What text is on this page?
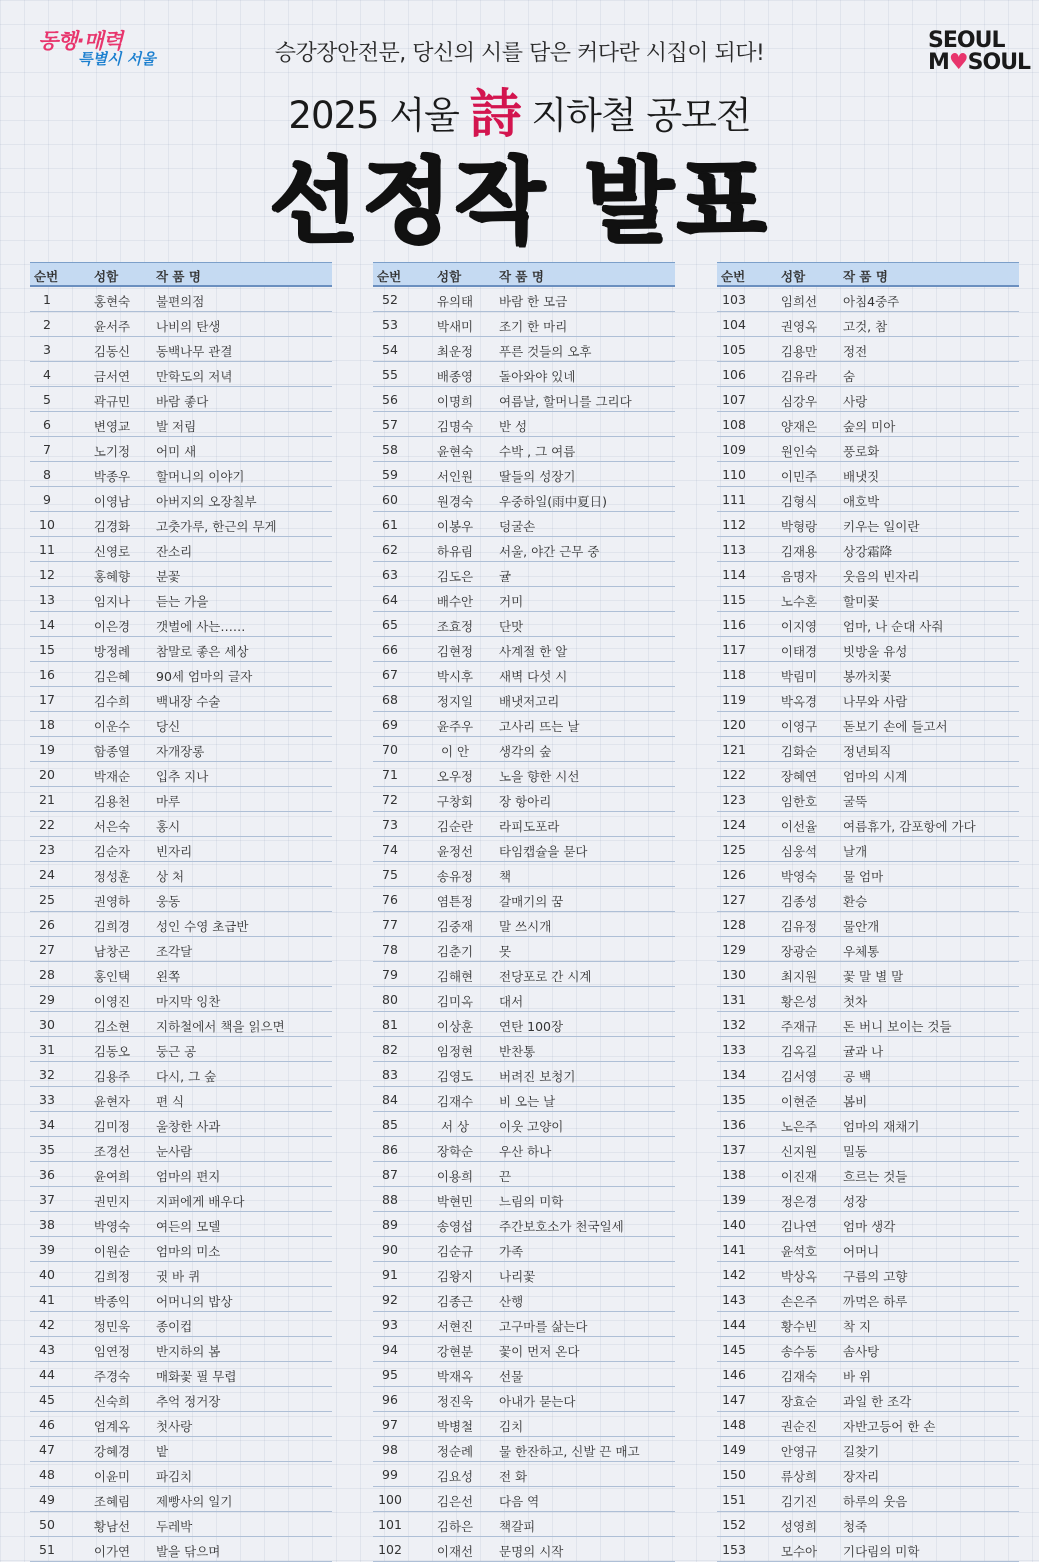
동행·매력
특별시 서울
SEOUL
M♥SOUL
승강장안전문, 당신의 시를 담은 커다란 시집이 되다!
2025 서울 詩 지하철 공모전
선정작 발표
순번	성함	작 품 명
1	홍현숙	불편의점
2	윤서주	나비의 탄생
3	김동신	동백나무 관결
4	금서연	만학도의 저녁
5	곽규민	바람 좋다
6	변영교	발 저림
7	노기정	어미 새
8	박종우	할머니의 이야기
9	이영남	아버지의 오장칠부
10	김경화	고춧가루, 한근의 무게
11	신영로	잔소리
12	홍혜향	분꽃
13	임지나	듣는 가을
14	이은경	갯벌에 사는……
15	방정례	참말로 좋은 세상
16	김은혜	90세 엄마의 글자
17	김수희	백내장 수술
18	이운수	당신
19	함종열	자개장롱
20	박재순	입추 지나
21	김용천	마루
22	서은숙	홍시
23	김순자	빈자리
24	정성훈	상 처
25	권영하	웅동
26	김희경	성인 수영 초급반
27	남창곤	조각달
28	홍인택	왼쪽
29	이영진	마지막 잉찬
30	김소현	지하철에서 책을 읽으면
31	김동오	둥근 공
32	김용주	다시, 그 숲
33	윤현자	편 식
34	김미정	울창한 사과
35	조경선	눈사람
36	윤여희	엄마의 편지
37	권민지	지퍼에게 배우다
38	박영숙	여든의 모델
39	이원순	엄마의 미소
40	김희정	귓 바 퀴
41	박종익	어머니의 밥상
42	정민욱	종이컵
43	임연정	반지하의 봄
44	주경숙	매화꽃 필 무렵
45	신숙희	추억 정거장
46	엄계옥	첫사랑
47	강혜경	밭
48	이윤미	파김치
49	조혜림	제빵사의 일기
50	황남선	두레박
51	이가연	발을 닦으며
순번	성함	작 품 명
52	유의태	바람 한 모금
53	박새미	조기 한 마리
54	최운정	푸른 것들의 오후
55	배종영	돌아와야 있네
56	이명희	여름날, 할머니를 그리다
57	김명숙	반 성
58	윤현숙	수박 , 그 여름
59	서인원	딸들의 성장기
60	원경숙	우중하일(雨中夏日)
61	이봉우	덩굴손
62	하유림	서울, 야간 근무 중
63	김도은	귤
64	배수안	거미
65	조효정	단맛
66	김현정	사계절 한 알
67	박시후	새벽 다섯 시
68	정지일	배냇저고리
69	윤주우	고사리 뜨는 날
70	이 안	생각의 숲
71	오우정	노을 향한 시선
72	구창회	장 항아리
73	김순란	라피도포라
74	윤정선	타임캡슐을 묻다
75	송유정	책
76	염튼정	갈매기의 꿈
77	김중재	말 쓰시개
78	김춘기	못
79	김해현	전당포로 간 시계
80	김미옥	대서
81	이상훈	연탄 100장
82	임정현	반찬통
83	김영도	버려진 보청기
84	김재수	비 오는 날
85	서 상	이웃 고양이
86	장학순	우산 하나
87	이용희	끈
88	박현민	느림의 미학
89	송영섭	주간보호소가 천국일세
90	김순규	가족
91	김왕지	나리꽃
92	김종근	산행
93	서현진	고구마를 삶는다
94	강현분	꽃이 먼저 온다
95	박재옥	선물
96	정진욱	아내가 묻는다
97	박병철	김치
98	정순례	물 한잔하고, 신발 끈 매고
99	김요성	전 화
100	김은선	다음 역
101	김하은	책갈피
102	이재선	문명의 시작
순번	성함	작 품 명
103	임희선	아침4중주
104	권영옥	고것, 참
105	김용만	정전
106	김유라	숨
107	심강우	사랑
108	양재은	숲의 미아
109	원인숙	풍로화
110	이민주	배냇짓
111	김형식	애호박
112	박형랑	키우는 일이란
113	김재용	상강霜降
114	음명자	웃음의 빈자리
115	노수혼	할미꽃
116	이지영	엄마, 나 순대 사줘
117	이태경	빗방울 유성
118	박림미	봉까치꽃
119	박옥경	나무와 사람
120	이영구	돋보기 손에 들고서
121	김화순	정년퇴직
122	장혜연	엄마의 시계
123	임한호	굴뚝
124	이선율	여름휴가, 감포항에 가다
125	심웅석	날개
126	박영숙	물 엄마
127	김종성	환승
128	김유정	물안개
129	장광순	우체통
130	최지원	꽃 말 별 말
131	황은성	첫차
132	주재규	돈 버니 보이는 것들
133	김옥길	귤과 나
134	김서영	공 백
135	이현준	봄비
136	노은주	엄마의 재채기
137	신지원	밀동
138	이진재	흐르는 것들
139	정은경	성장
140	김나연	엄마 생각
141	윤석호	어머니
142	박상옥	구름의 고향
143	손은주	까먹은 하루
144	황수빈	착 지
145	송수동	솜사탕
146	김재숙	바 위
147	장효순	과일 한 조각
148	권순진	자반고등어 한 손
149	안영규	길찾기
150	류상희	장자리
151	김기진	하루의 웃음
152	성영희	청죽
153	모수아	기다림의 미학
